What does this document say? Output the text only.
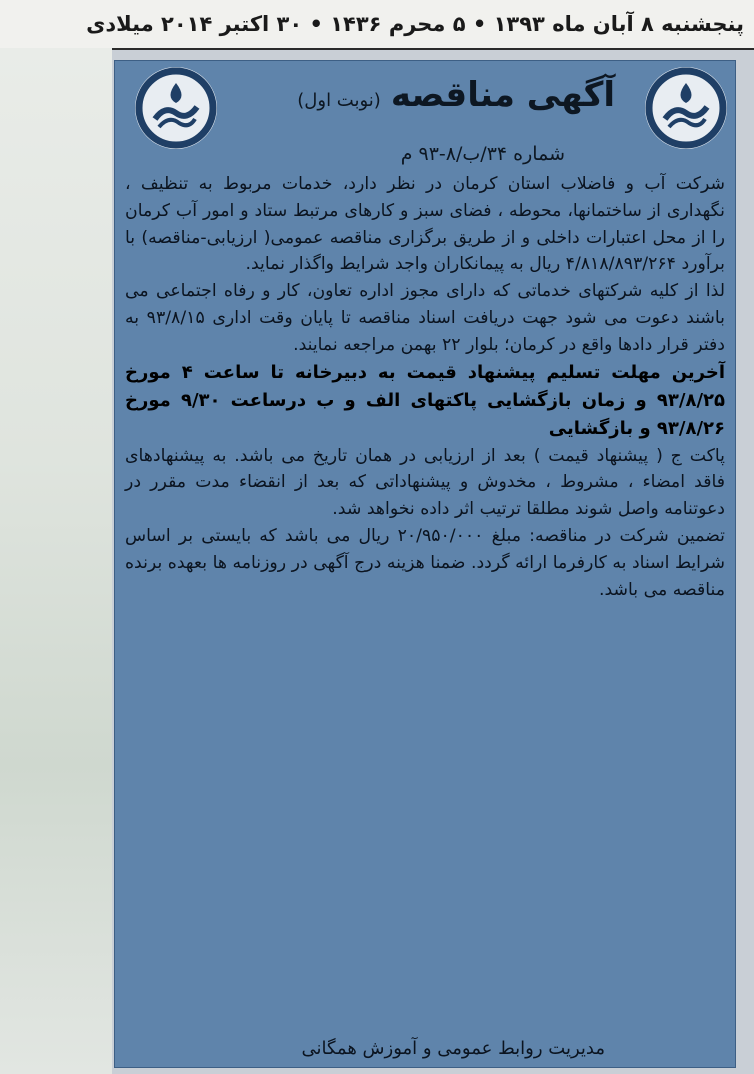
پنجشنبه ۸ آبان ماه ۱۳۹۳ • ۵ محرم ۱۴۳۶ • ۳۰ اکتبر ۲۰۱۴ میلادی
آگهی مناقصه
(نوبت اول)
شماره ۳۴/ب/۸-۹۳ م

شرکت آب و فاضلاب استان کرمان در نظر دارد، خدمات مربوط به تنظیف ، نگهداری از ساختمانها، محوطه ، فضای سبز و کارهای مرتبط ستاد و امور آب کرمان را از محل اعتبارات داخلی و از طریق برگزاری مناقصه عمومی( ارزیابی-مناقصه) با برآورد ۴/۸۱۸/۸۹۳/۲۶۴ ریال به پیمانکاران واجد شرایط واگذار نماید.

لذا از کلیه شرکتهای خدماتی که دارای مجوز اداره تعاون، کار و رفاه اجتماعی می باشند دعوت می شود جهت دریافت اسناد مناقصه تا پایان وقت اداری ۹۳/۸/۱۵ به دفتر قرار دادها واقع در کرمان؛ بلوار ۲۲ بهمن مراجعه نمایند.

آخرین مهلت تسلیم پیشنهاد قیمت به دبیرخانه تا ساعت ۴ مورخ ۹۳/۸/۲۵ و زمان بازگشایی پاکتهای الف و ب درساعت ۹/۳۰ مورخ ۹۳/۸/۲۶ و بازگشایی

پاکت ج ( پیشنهاد قیمت ) بعد از ارزیابی در همان تاریخ می باشد. به پیشنهادهای فاقد امضاء ، مشروط ، مخدوش و پیشنهاداتی که بعد از انقضاء مدت مقرر در دعوتنامه واصل شوند مطلقا ترتیب اثر داده نخواهد شد.

تضمین شرکت در مناقصه: مبلغ ۲۰/۹۵۰/۰۰۰ ریال می باشد که بایستی بر اساس شرایط اسناد به کارفرما ارائه گردد. ضمنا هزینه درج آگهی در روزنامه ها بعهده برنده مناقصه می باشد.

مدیریت روابط عمومی و آموزش همگانی
